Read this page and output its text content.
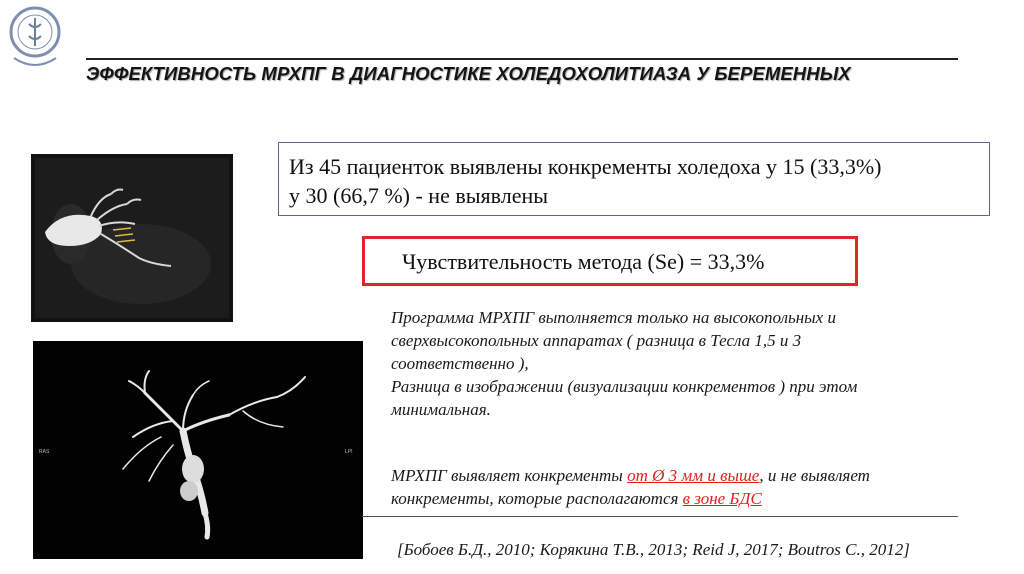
ЭФФЕКТИВНОСТЬ МРХПГ В ДИАГНОСТИКЕ ХОЛЕДОХОЛИТИАЗА У БЕРЕМЕННЫХ
RAS	LPI
Из 45 пациенток выявлены конкременты холедоха у 15 (33,3%)
у 30 (66,7 %) - не выявлены
Чувствительность метода (Se) = 33,3%
Программа МРХПГ выполняется только на высокопольных и
сверхвысокопольных аппаратах ( разница в Тесла 1,5 и 3
соответственно ),
Разница в изображении (визуализации конкрементов ) при этом
минимальная.
МРХПГ выявляет конкременты от Ø 3 мм и выше, и не выявляет
конкременты, которые располагаются в зоне БДС
[Бобоев Б.Д., 2010; Корякина Т.В., 2013; Reid J, 2017; Boutros C., 2012]
